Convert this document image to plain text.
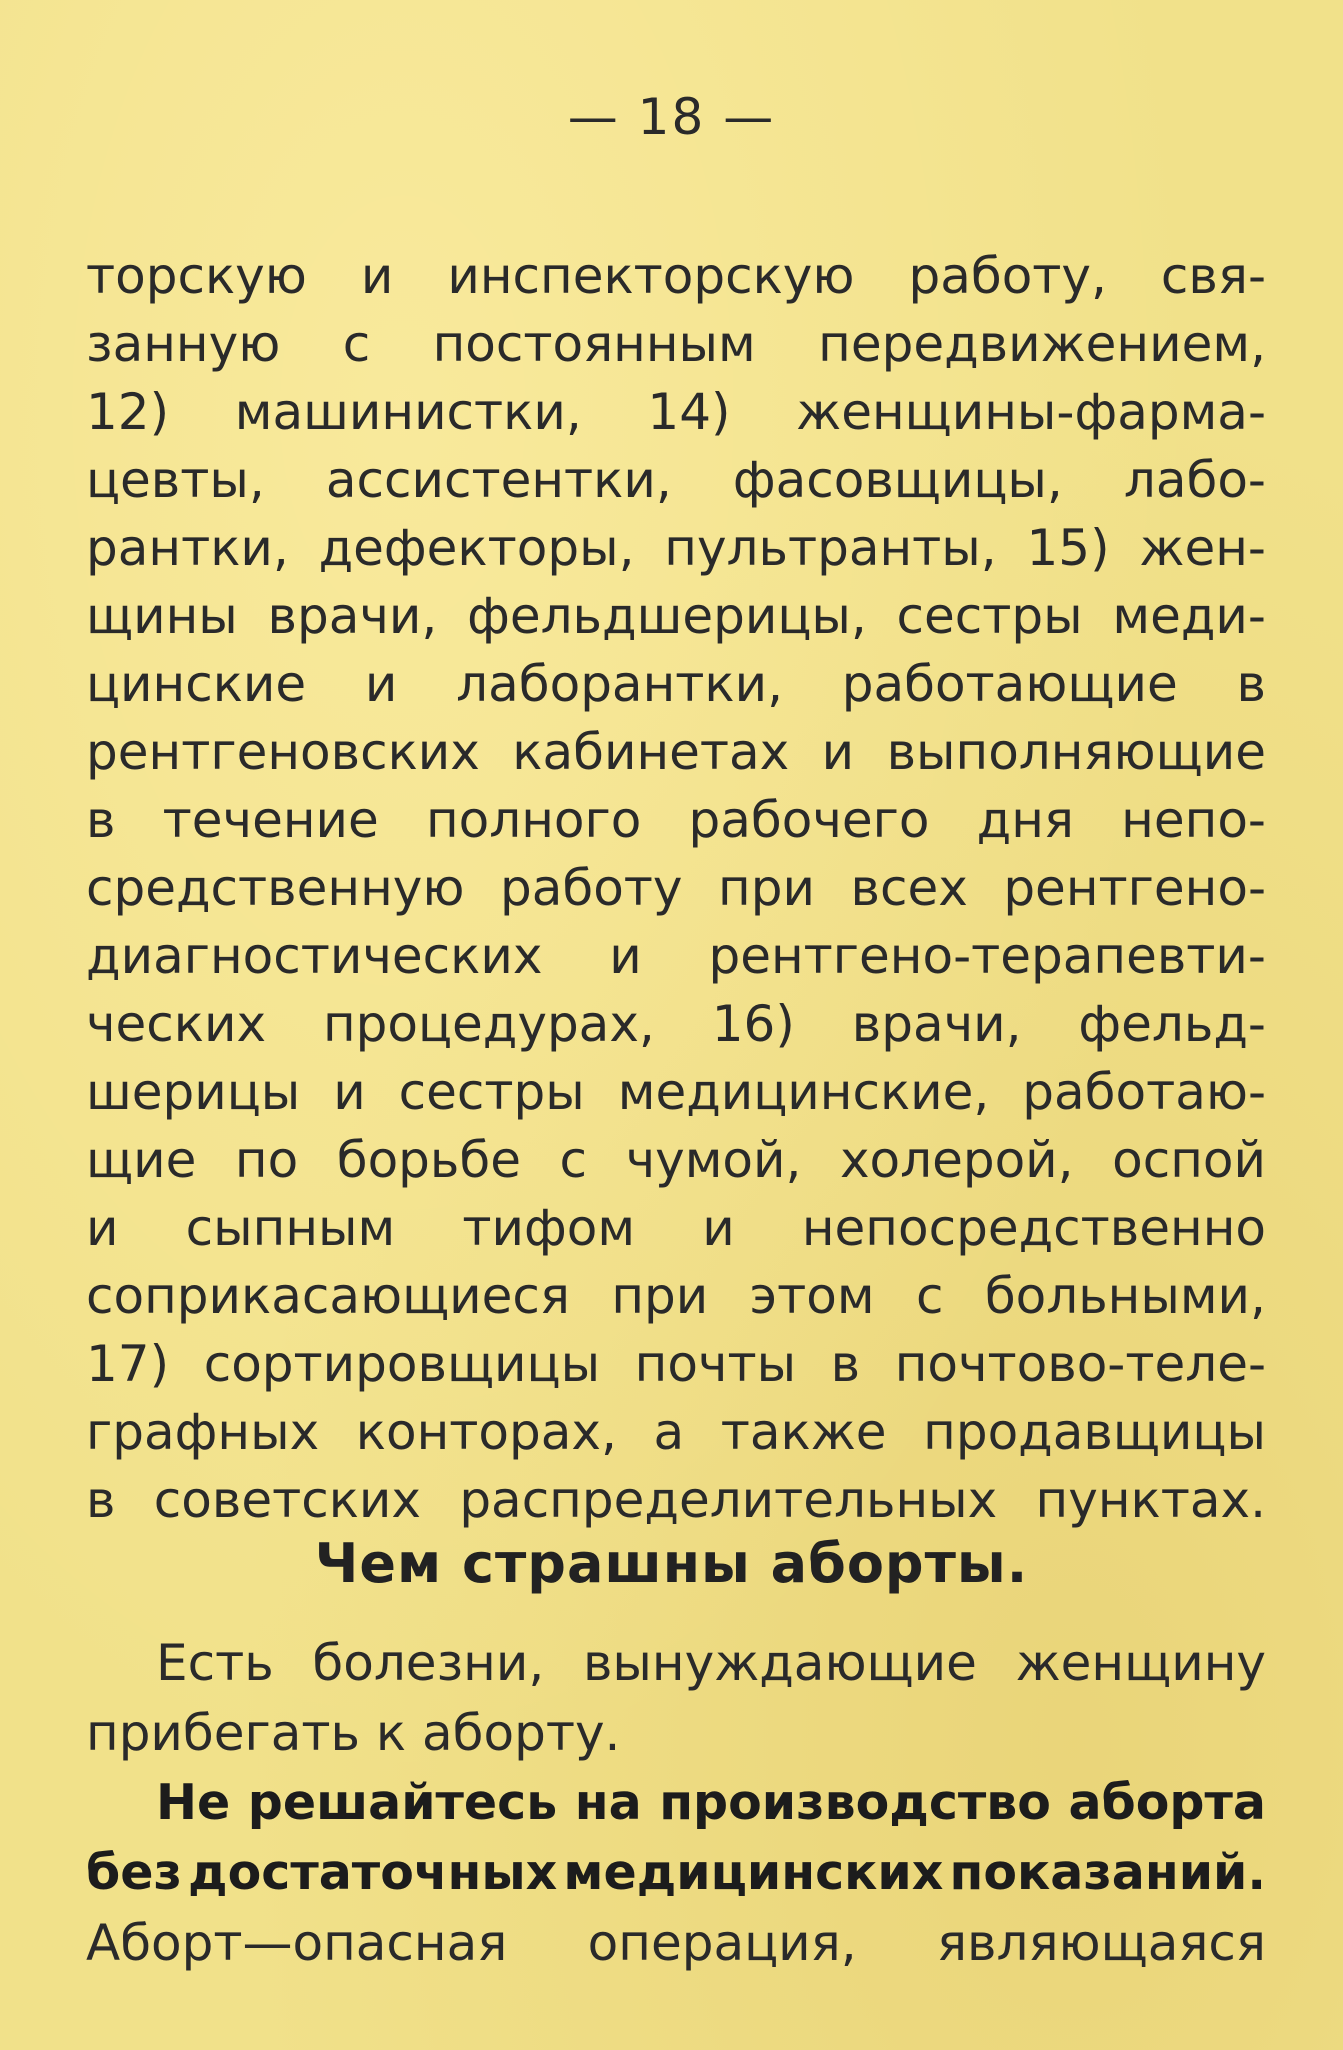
— 18 —
торскую и инспекторскую работу, свя-
занную с постоянным передвижением,
12) машинистки, 14) женщины-фарма-
цевты, ассистентки, фасовщицы, лабо-
рантки, дефекторы, пультранты, 15) жен-
щины врачи, фельдшерицы, сестры меди-
цинские и лаборантки, работающие в
рентгеновских кабинетах и выполняющие
в течение полного рабочего дня непо-
средственную работу при всех рентгено-
диагностических и рентгено-терапевти-
ческих процедурах, 16) врачи, фельд-
шерицы и сестры медицинские, работаю-
щие по борьбе с чумой, холерой, оспой
и сыпным тифом и непосредственно
соприкасающиеся при этом с больными,
17) сортировщицы почты в почтово-теле-
графных конторах, а также продавщицы
в советских распределительных пунктах.
Чем страшны аборты.
Есть болезни, вынуждающие женщину
прибегать к аборту.
Не решайтесь на производство аборта
без достаточных медицинских показаний.
Аборт—опасная операция, являющаяся
